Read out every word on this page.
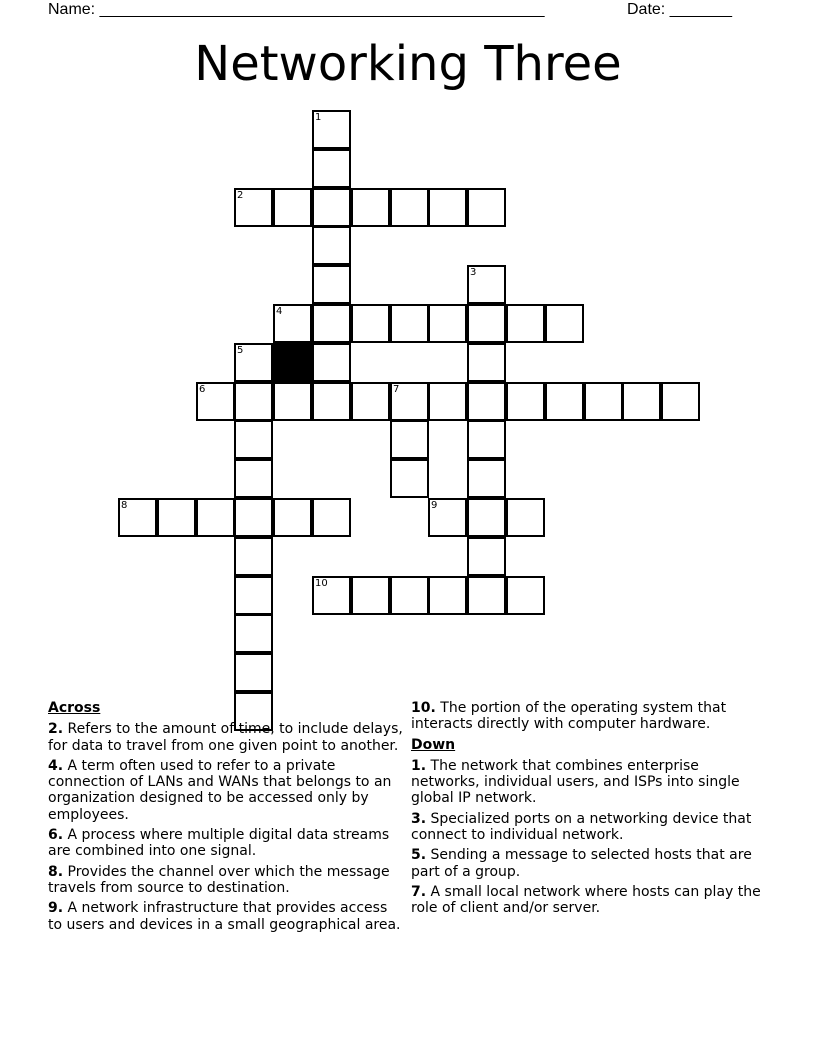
Name: __________________________________________________	Date: _______
Networking Three
1
2
3
4
5
6	7
8	9
10
Across
2. Refers to the amount of time, to include delays, for data to travel from one given point to another.
4. A term often used to refer to a private connection of LANs and WANs that belongs to an organization designed to be accessed only by employees.
6. A process where multiple digital data streams are combined into one signal.
8. Provides the channel over which the message travels from source to destination.
9. A network infrastructure that provides access to users and devices in a small geographical area.
10. The portion of the operating system that interacts directly with computer hardware.
Down
1. The network that combines enterprise networks, individual users, and ISPs into single global IP network.
3. Specialized ports on a networking device that connect to individual network.
5. Sending a message to selected hosts that are part of a group.
7. A small local network where hosts can play the role of client and/or server.
